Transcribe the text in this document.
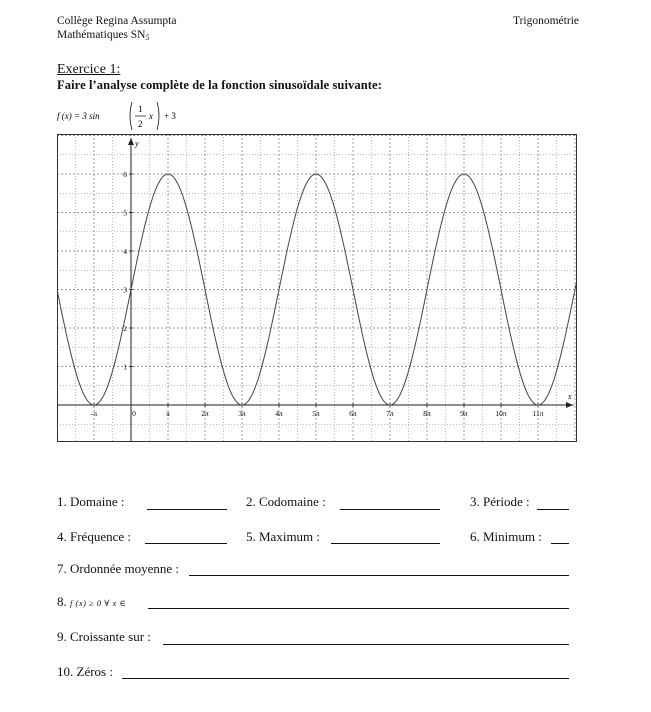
Collège Regina Assumpta
Mathématiques SN5
Trigonométrie
Exercice 1:
Faire l’analyse complète de la fonction sinusoïdale suivante:
f (x) = 3 sin
1
2
x + 3
x
y
-π	0	π	2π	3π	4π	5π	6π	7π	8π	9π	10π	11π
1
2
3
4
5
6
1. Domaine :	2. Codomaine :	3. Période :
4. Fréquence :	5. Maximum :	6. Minimum :
7. Ordonnée moyenne :
8. f (x) ≥ 0 ∀ x ∈
9. Croissante sur :
10. Zéros :
